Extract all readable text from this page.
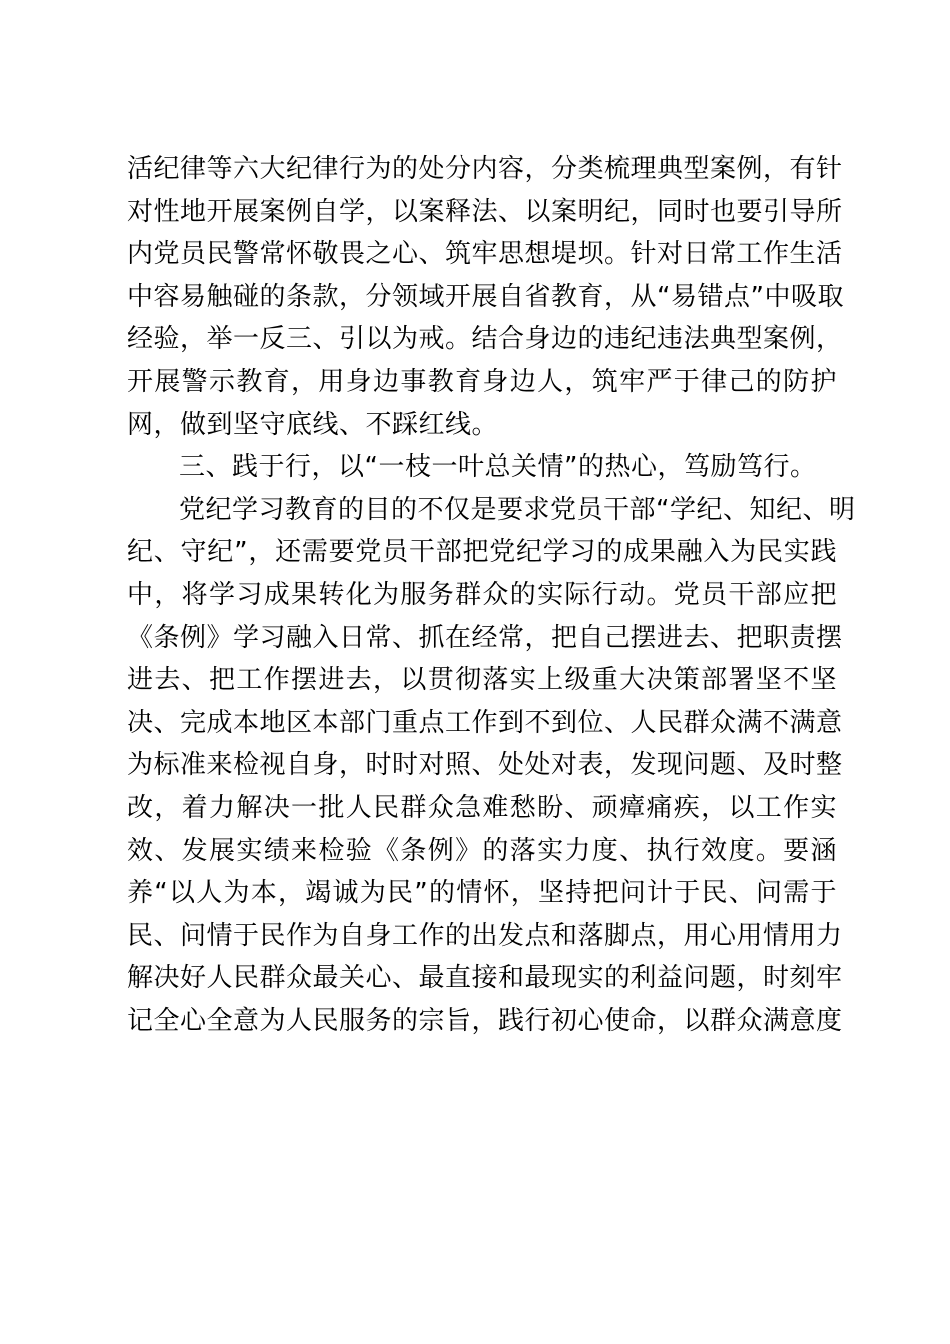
活纪律等六大纪律行为的处分内容，分类梳理典型案例，有针
对性地开展案例自学，以案释法、以案明纪，同时也要引导所
内党员民警常怀敬畏之心、筑牢思想堤坝。针对日常工作生活
中容易触碰的条款，分领域开展自省教育，从“易错点”中吸取
经验，举一反三、引以为戒。结合身边的违纪违法典型案例，
开展警示教育，用身边事教育身边人，筑牢严于律己的防护
网，做到坚守底线、不踩红线。
三、践于行，以“一枝一叶总关情”的热心，笃励笃行。
党纪学习教育的目的不仅是要求党员干部“学纪、知纪、明
纪、守纪”，还需要党员干部把党纪学习的成果融入为民实践
中，将学习成果转化为服务群众的实际行动。党员干部应把
《条例》学习融入日常、抓在经常，把自己摆进去、把职责摆
进去、把工作摆进去，以贯彻落实上级重大决策部署坚不坚
决、完成本地区本部门重点工作到不到位、人民群众满不满意
为标准来检视自身，时时对照、处处对表，发现问题、及时整
改，着力解决一批人民群众急难愁盼、顽瘴痛疾，以工作实
效、发展实绩来检验《条例》的落实力度、执行效度。要涵
养“以人为本，竭诚为民”的情怀，坚持把问计于民、问需于
民、问情于民作为自身工作的出发点和落脚点，用心用情用力
解决好人民群众最关心、最直接和最现实的利益问题，时刻牢
记全心全意为人民服务的宗旨，践行初心使命，以群众满意度
